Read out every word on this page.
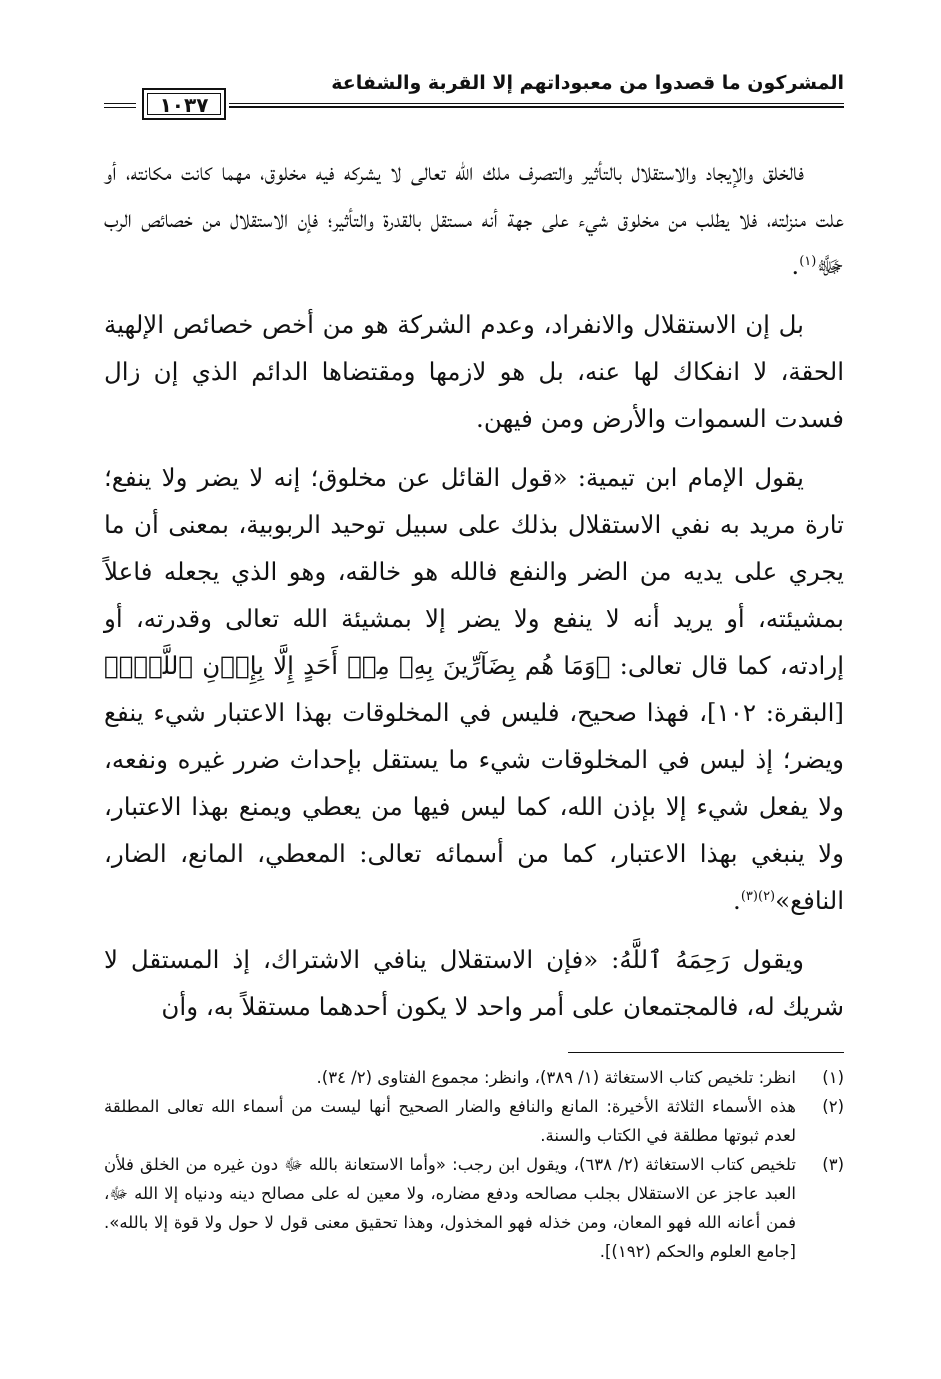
المشركون ما قصدوا من معبوداتهم إلا القربة والشفاعة
١٠٣٧

فالخلق والإيجاد والاستقلال بالتأثير والتصرف ملك الله تعالى لا يشركه فيه مخلوق، مهما كانت مكانته، أو علت منزلته، فلا يطلب من مخلوق شيء على جهة أنه مستقل بالقدرة والتأثير؛ فإن الاستقلال من خصائص الرب ﷻ$^{(١)}$.

بل إن الاستقلال والانفراد، وعدم الشركة هو من أخص خصائص الإلهية الحقة، لا انفكاك لها عنه، بل هو لازمها ومقتضاها الدائم الذي إن زال فسدت السموات والأرض ومن فيهن.

يقول الإمام ابن تيمية: «قول القائل عن مخلوق؛ إنه لا يضر ولا ينفع؛ تارة مريد به نفي الاستقلال بذلك على سبيل توحيد الربوبية، بمعنى أن ما يجري على يديه من الضر والنفع فالله هو خالقه، وهو الذي يجعله فاعلاً بمشيئته، أو يريد أنه لا ينفع ولا يضر إلا بمشيئة الله تعالى وقدرته، أو إرادته، كما قال تعالى: ﴿وَمَا هُم بِضَآرِّينَ بِهِۦ مِنۡ أَحَدٍ إِلَّا بِإِذۡنِ ٱللَّهِۚ﴾ [البقرة: ١٠٢]، فهذا صحيح، فليس في المخلوقات بهذا الاعتبار شيء ينفع ويضر؛ إذ ليس في المخلوقات شيء ما يستقل بإحداث ضرر غيره ونفعه، ولا يفعل شيء إلا بإذن الله، كما ليس فيها من يعطي ويمنع بهذا الاعتبار، ولا ينبغي بهذا الاعتبار، كما من أسمائه تعالى: المعطي، المانع، الضار، النافع»$^{(٢)(٣)}$.

ويقول رَحِمَهُ ٱللَّهُ: «فإن الاستقلال ينافي الاشتراك، إذ المستقل لا شريك له، فالمجتمعان على أمر واحد لا يكون أحدهما مستقلاً به، وأن

(١)
انظر: تلخيص كتاب الاستغاثة (١/ ٣٨٩)، وانظر: مجموع الفتاوى (٢/ ٣٤).
(٢)
هذه الأسماء الثلاثة الأخيرة: المانع والنافع والضار الصحيح أنها ليست من أسماء الله تعالى المطلقة لعدم ثبوتها مطلقة في الكتاب والسنة.
(٣)
تلخيص كتاب الاستغاثة (٢/ ٦٣٨)، ويقول ابن رجب: «وأما الاستعانة بالله ﷻ دون غيره من الخلق فلأن العبد عاجز عن الاستقلال بجلب مصالحه ودفع مضاره، ولا معين له على مصالح دينه ودنياه إلا الله ﷻ، فمن أعانه الله فهو المعان، ومن خذله فهو المخذول، وهذا تحقيق معنى قول لا حول ولا قوة إلا بالله». [جامع العلوم والحكم (١٩٢)].
